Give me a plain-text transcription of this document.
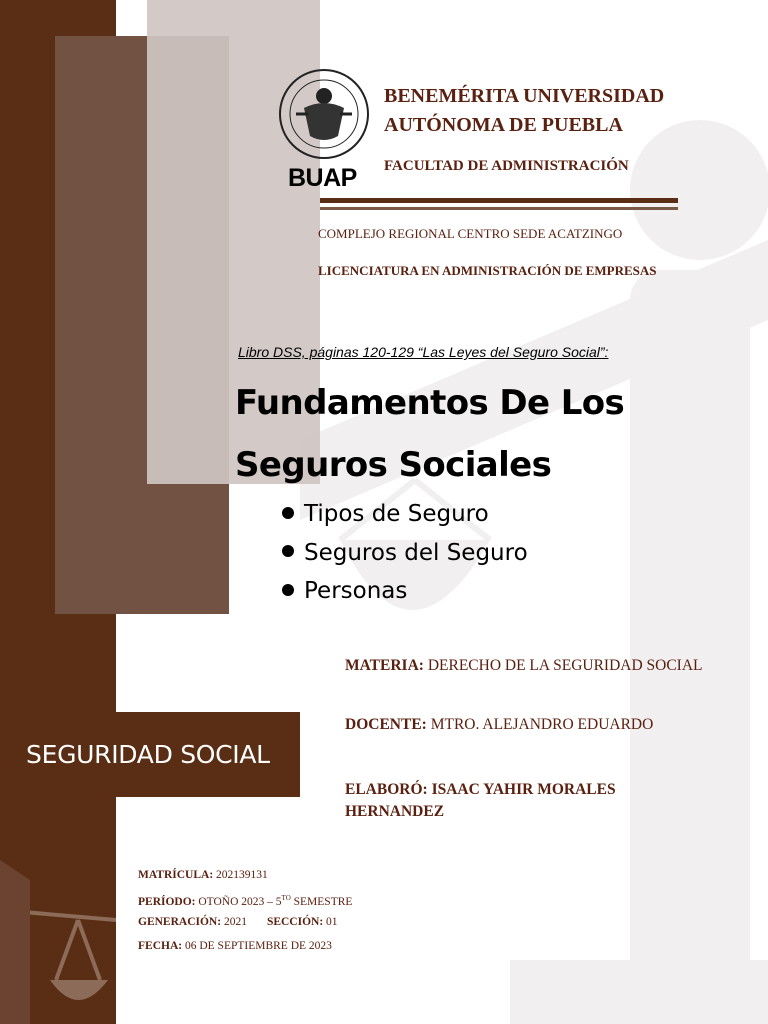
BUAP
BENEMÉRITA UNIVERSIDAD
AUTÓNOMA DE PUEBLA
FACULTAD DE ADMINISTRACIÓN
COMPLEJO REGIONAL CENTRO SEDE ACATZINGO
LICENCIATURA EN ADMINISTRACIÓN DE EMPRESAS
Libro DSS, páginas 120-129 “Las Leyes del Seguro Social”:
Fundamentos De Los
Seguros Sociales
Tipos de Seguro
Seguros del Seguro
Personas
SEGURIDAD SOCIAL
MATERIA: DERECHO DE LA SEGURIDAD SOCIAL
DOCENTE: MTRO. ALEJANDRO EDUARDO
ELABORÓ: ISAAC YAHIR MORALES HERNANDEZ
MATRÍCULA: 202139131
PERÍODO: OTOÑO $2023 - 5^{TO}$ SEMESTRE
GENERACIÓN: 2021 SECCIÓN: 01
FECHA: 06 DE SEPTIEMBRE DE 2023
